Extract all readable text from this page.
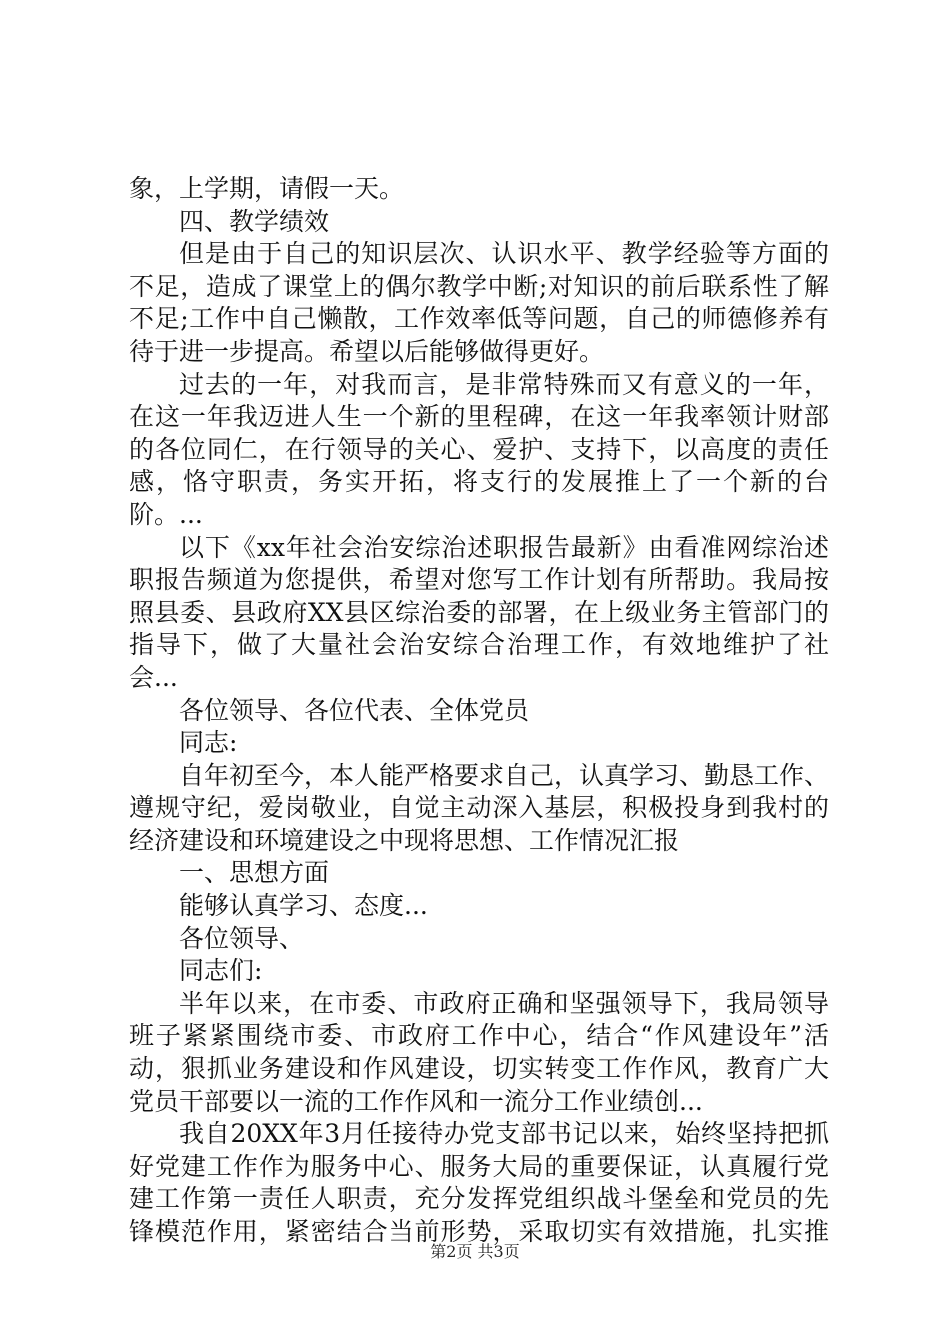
象，上学期，请假一天。
四、教学绩效
但是由于自己的知识层次、认识水平、教学经验等方面的
不足，造成了课堂上的偶尔教学中断;对知识的前后联系性了解
不足;工作中自己懒散，工作效率低等问题，自己的师德修养有
待于进一步提高。希望以后能够做得更好。
过去的一年，对我而言，是非常特殊而又有意义的一年，
在这一年我迈进人生一个新的里程碑，在这一年我率领计财部
的各位同仁，在行领导的关心、爱护、支持下，以高度的责任
感，恪守职责，务实开拓，将支行的发展推上了一个新的台
阶。...
以下《xx年社会治安综治述职报告最新》由看准网综治述
职报告频道为您提供，希望对您写工作计划有所帮助。我局按
照县委、县政府XX县区综治委的部署，在上级业务主管部门的
指导下，做了大量社会治安综合治理工作，有效地维护了社
会...
各位领导、各位代表、全体党员
同志:
自年初至今，本人能严格要求自己，认真学习、勤恳工作、
遵规守纪，爱岗敬业，自觉主动深入基层，积极投身到我村的
经济建设和环境建设之中现将思想、工作情况汇报
一、思想方面
能够认真学习、态度...
各位领导、
同志们:
半年以来，在市委、市政府正确和坚强领导下，我局领导
班子紧紧围绕市委、市政府工作中心，结合“作风建设年”活
动，狠抓业务建设和作风建设，切实转变工作作风，教育广大
党员干部要以一流的工作作风和一流分工作业绩创...
我自20XX年3月任接待办党支部书记以来，始终坚持把抓
好党建工作作为服务中心、服务大局的重要保证，认真履行党
建工作第一责任人职责，充分发挥党组织战斗堡垒和党员的先
锋模范作用，紧密结合当前形势，采取切实有效措施，扎实推
第2页 共3页
